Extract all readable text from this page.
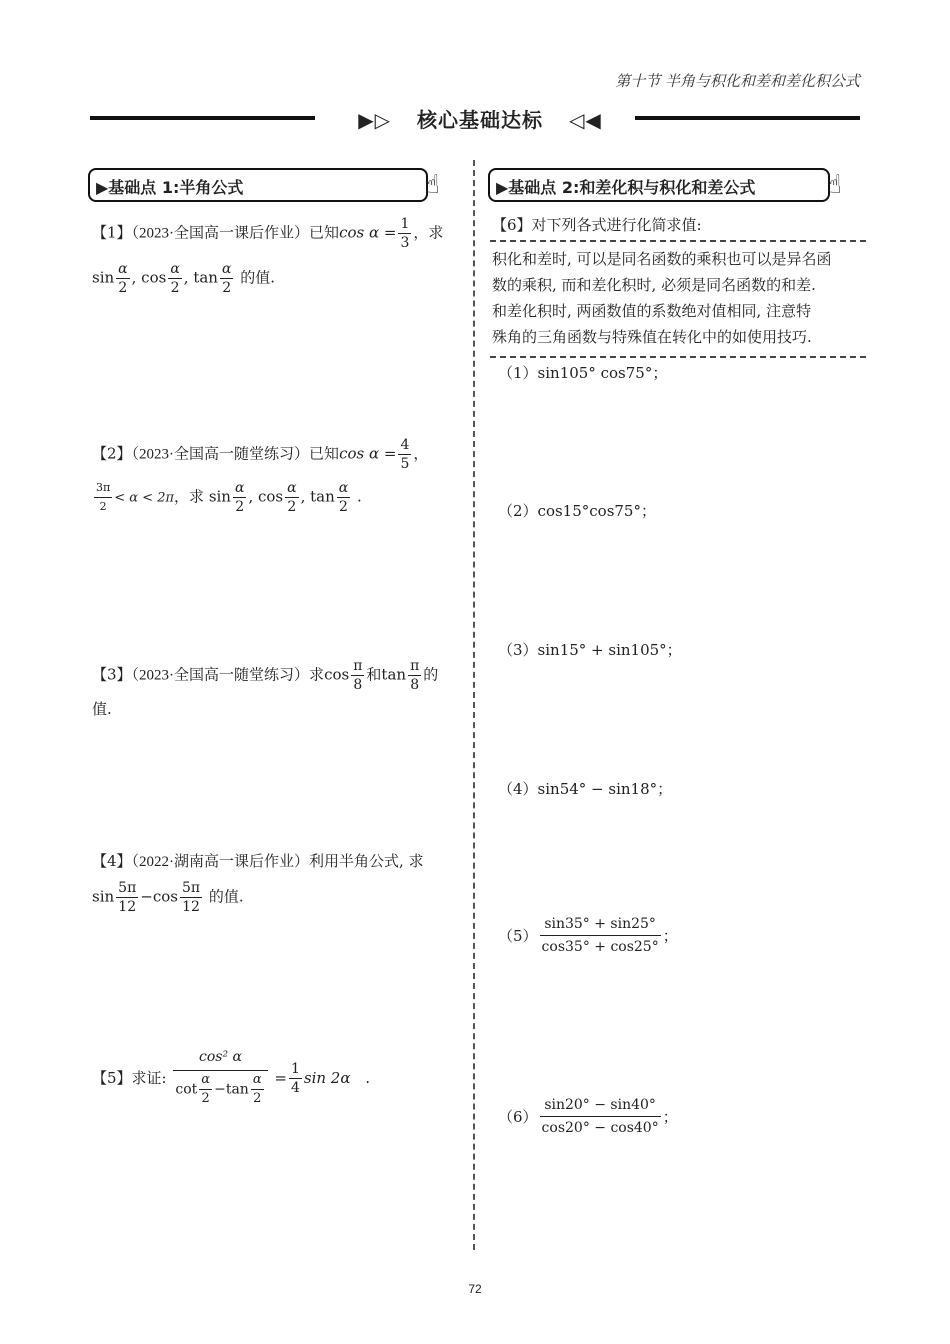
第十节 半角与积化和差和差化积公式
▶▷ 核心基础达标 ◁◀
▶基础点 1:半角公式	☝
【1】（2023·全国高一课后作业）已知$\cos \alpha = \frac{1}{3}$ ，求
$\sin \frac{\alpha}{2}$ , $\cos \frac{\alpha}{2}$ , $\tan \frac{\alpha}{2}$ 的值.
【2】（2023·全国高一随堂练习）已知$\cos \alpha = \frac{4}{5}$ ，
$\frac{3\pi}{2} < \alpha < 2\pi$，求 $\sin \frac{\alpha}{2}$ , $\cos \frac{\alpha}{2}$ , $\tan \frac{\alpha}{2}$ .
【3】（2023·全国高一随堂练习）求$\cos \frac{\pi}{8}$ 和$\tan \frac{\pi}{8}$ 的
值.
【4】（2022·湖南高一课后作业）利用半角公式, 求
$\sin \frac{5\pi}{12} -\cos \frac{5\pi}{12}$ 的值.
【5】求证: $\frac{\text{cos² α}}{\cot \frac{\alpha}{2} -\tan \frac{\alpha}{2}} = \frac{1}{4}$ sin 2α .
▶基础点 2:和差化积与积化和差公式	☝
【6】对下列各式进行化简求值:
积化和差时, 可以是同名函数的乘积也可以是异名函
数的乘积, 而和差化积时, 必须是同名函数的和差.
和差化积时, 两函数值的系数绝对值相同, 注意特
殊角的三角函数与特殊值在转化中的如使用技巧.
（1）sin105° cos75°；
（2）cos15°cos75°；
（3）sin15° + sin105°；
（4）sin54° − sin18°；
$(5) \frac{\sin 35^\circ + \sin 25^\circ}{\cos 35^\circ + \cos 25^\circ}$ ；
$(6) \frac{\sin 20^\circ - \sin 40^\circ}{\cos 20^\circ - \cos 40^\circ}$ ；
72
